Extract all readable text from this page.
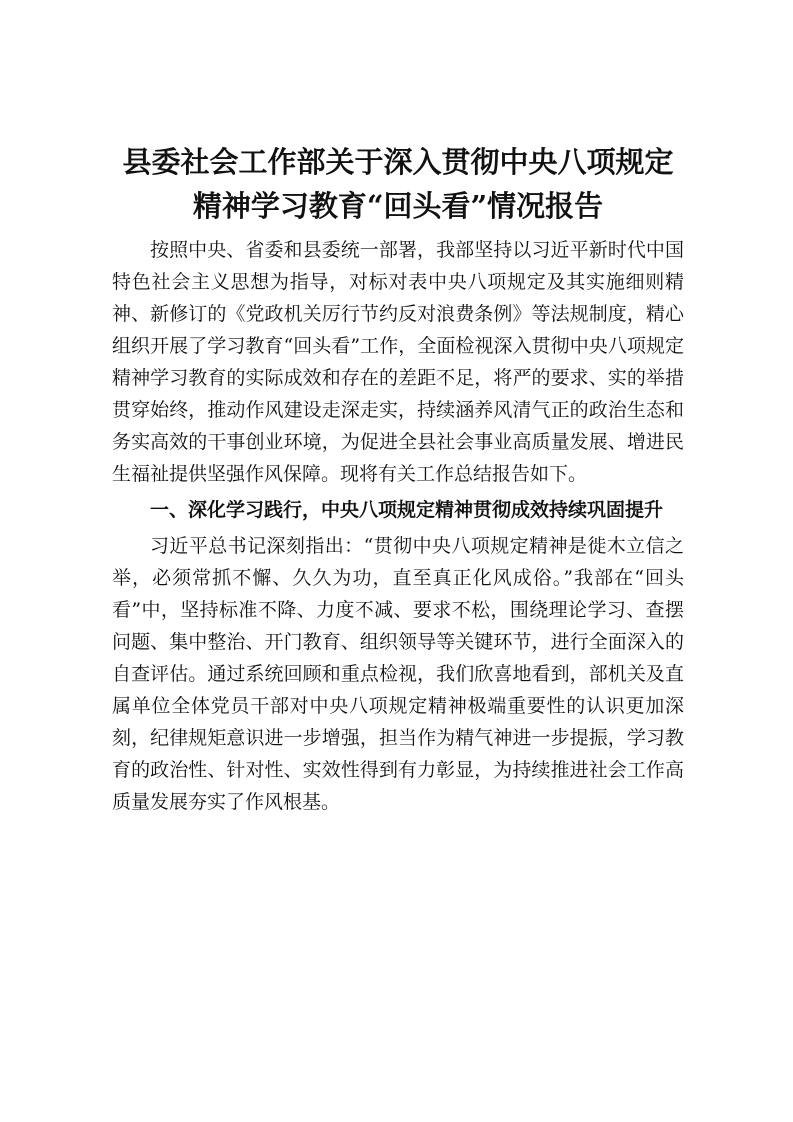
县委社会工作部关于深入贯彻中央八项规定精神学习教育“回头看”情况报告

按照中央、省委和县委统一部署，我部坚持以习近平新时代中国特色社会主义思想为指导，对标对表中央八项规定及其实施细则精神、新修订的《党政机关厉行节约反对浪费条例》等法规制度，精心组织开展了学习教育“回头看”工作，全面检视深入贯彻中央八项规定精神学习教育的实际成效和存在的差距不足，将严的要求、实的举措贯穿始终，推动作风建设走深走实，持续涵养风清气正的政治生态和务实高效的干事创业环境，为促进全县社会事业高质量发展、增进民生福祉提供坚强作风保障。现将有关工作总结报告如下。

一、深化学习践行，中央八项规定精神贯彻成效持续巩固提升

习近平总书记深刻指出：“贯彻中央八项规定精神是徙木立信之举，必须常抓不懈、久久为功，直至真正化风成俗。”我部在“回头看”中，坚持标准不降、力度不减、要求不松，围绕理论学习、查摆问题、集中整治、开门教育、组织领导等关键环节，进行全面深入的自查评估。通过系统回顾和重点检视，我们欣喜地看到，部机关及直属单位全体党员干部对中央八项规定精神极端重要性的认识更加深刻，纪律规矩意识进一步增强，担当作为精气神进一步提振，学习教育的政治性、针对性、实效性得到有力彰显，为持续推进社会工作高质量发展夯实了作风根基。
